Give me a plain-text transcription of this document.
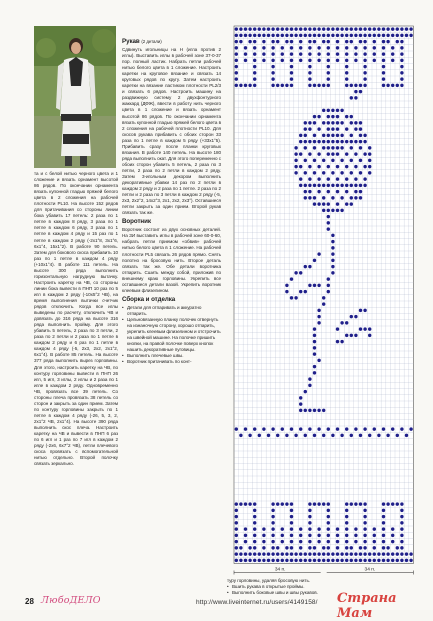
та и с белой нитью черного цвета и 1 сложение и вязать орнамент высотой 86 рядов. По окончании орнамента вязать купонной гладью пряжей белого цвета в 2 сложения на рабочей плотности PL10. На высоте 152 рядов для притачивания со стороны линии бока убавить 17 петель: 2 раза по 1 петле в каждом 8 ряду, 3 раза по 1 петле в каждом 6 ряду, 3 раза по 1 петле в каждом 4 ряду и 15 раз по 1 петле в каждом 2 ряду (-2х1°8, 3х1°6, 6х1°4, 15х1°2). В работе 90 петель. Затем для бокового скоса прибавить 10 раз по 1 петле в каждом 4 ряду (+10х1°4). В работе 111 петель. На высоте 300 ряда выполнить горизонтальную нагрудную вытачку. Настроить каретку на ЧВ, со стороны линии бока вывести в ПНП 10 раз по 5 игл в каждом 2 ряду (-10х5°2 ЧВ), на время выполнения вытачки счетчик рядов отключить. Когда все иглы выведены по расчету, отключить ЧВ и довязать до 316 ряда на высоте 316 ряда выполнить пройму. Для этого убавить 5 петель, 2 раза по 3 петли, 2 раза по 2 петли и 2 раза по 1 петле в каждом 2 ряду и 6 раз по 1 петле в каждом 4 ряду (-5, 2х3, 2х2, 2х1°2, 6х1°4). В работе 85 петель. На высоте 377 ряда выполнить вырез горловины. Для этого, настроить каретку на ЧВ, по контуру горловины вывести в ПНП 26 игл, 5 игл, 3 иглы, 2 иглы и 2 раза по 1 игле в каждом 2 ряду. Одновременно ЧВ, провязать все 39 петель. Со стороны плеча провязать 38 петель со сторон и закрыть за один прием. Затем по контуру горловины закрыть по 1 петле в каждом 4 ряду (-26, 5, 3, 2, 2х1°2 ЧВ, 2х1°4). На высоте 390 ряда выполнить скос плеча. Настроить каретку на ЧВ и вывести в ПНП 6 раз по 6 игл и 1 раз по 7 игл в каждом 2 ряду (-2х6, 6х7°2 ЧВ), петли плечевого скоса провязать с вспомогательной нитью отдельно. Второй полочку связать зеркально.

Рукав (2 детали)

Сдвинуть игольницы на Н (игла против 2 иглы). Выставить иглы в рабочей зоне 37-0-37 пор. полный ластик. Набрать петли рабочей нитью белого цвета в 1 сложение. Настроить каретки на круговое вязание и связать 14 круговых рядов по кругу. Затем настроить каретки на вязание ластиком плотности PL2/3 и связать 6 рядов. Настроить машину на раздвижную систему 2 двухфонтурного жаккард (ДФЖ), ввести в работу нить черного цвета в 1 сложение и вязать орнамент высотой 86 рядов. По окончании орнамента вязать купонной гладью пряжей белого цвета в 2 сложения на рабочей плотности PL10. Для скосов рукава прибавить с обоих сторон 33 раза по 1 петле в каждом 5 ряду (+33х1°5). Прибавить сразу после планки круговых вязания. В работе 140 петель. На высоте 180 ряда выполнить окат. Для этого попеременно с обоих сторон убавить 5 петель, 2 раза по 3 петли, 2 раза по 2 петли в каждом 2 ряду. Затем 3-игольным декором выполнить декоративные убавки 14 раз по 2 петли в каждом 2 ряду и 2 раза по 1 петле. 2 раза по 2 петли и 2 раза по 3 петли в каждом 2 ряду (-5, 2х3, 2х2°2, 14х2°3, 2х1, 2х2, 2х3°). Оставшиеся петли закрыть за один прием. Второй рукав связать так же.

Воротник

Воротник состоит из двух основных деталей. На ЗИ выставить иглы в рабочей зоне 60-0-60, набрать петли приемом «обвив» рабочей нитью белого цвета в 1 сложение. На рабочей плотности PL5 связать 26 рядов прямо. Снять полотно на бросовую нить. Второе деталь связать так же. Обе детали воротника отпарить. Сшить между собой, приложив по внешнему краю горловины. Укрепить все оставшиеся детали вазой. Укрепить воротник клеевым флизелином.

Сборка и отделка
• Детали для отпаривать и аккуратно отпарить.
• Цельновязанную планку полочек отвернуть на изнаночную сторону, хорошо отпарить, укрепить клеевым флизелином и отстрочить на швейной машине. На полочке пришить кнопки, на правой полочке поверх кнопок нашить декоративные пуговицы.
• Выполнить плечевые швы.
• Воротник притачивать по конт-

туру горловины, удаляя бросовую нить.

• Вшить рукава в открытые проймы.
• Выполнить боковые швы и швы рукавов.
34 п.	34 п.
28 ЛюбоДЕЛО	http://www.liveinternet.ru/users/4149158/ Страна Мам
